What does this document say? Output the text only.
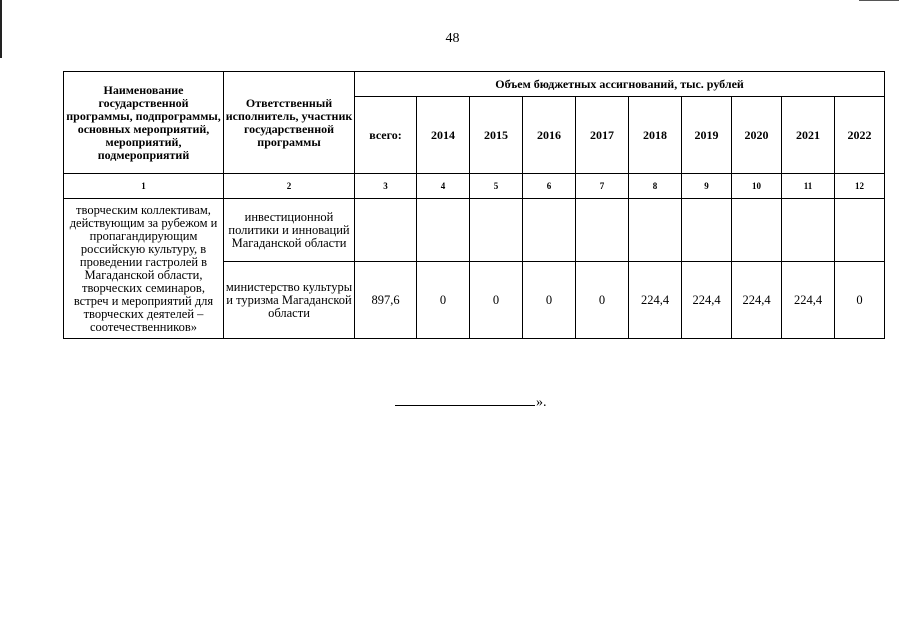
48
Наименование государственной программы, подпрограммы, основных мероприятий, мероприятий, подмероприятий	Ответственный исполнитель, участник государственной программы	Объем бюджетных ассигнований, тыс. рублей									
		всего:	2014	2015	2016	2017	2018	2019	2020	2021	2022
1	2	3	4	5	6	7	8	9	10	11	12
творческим коллективам, действующим за рубежом и пропагандирующим российскую культуру, в проведении гастролей в Магаданской области, творческих семинаров, встреч и мероприятий для творческих деятелей – соотечественников»	инвестиционной политики и инноваций Магаданской области										
	министерство культуры и туризма Магаданской области	897,6	0	0	0	0	224,4	224,4	224,4	224,4	0
».
